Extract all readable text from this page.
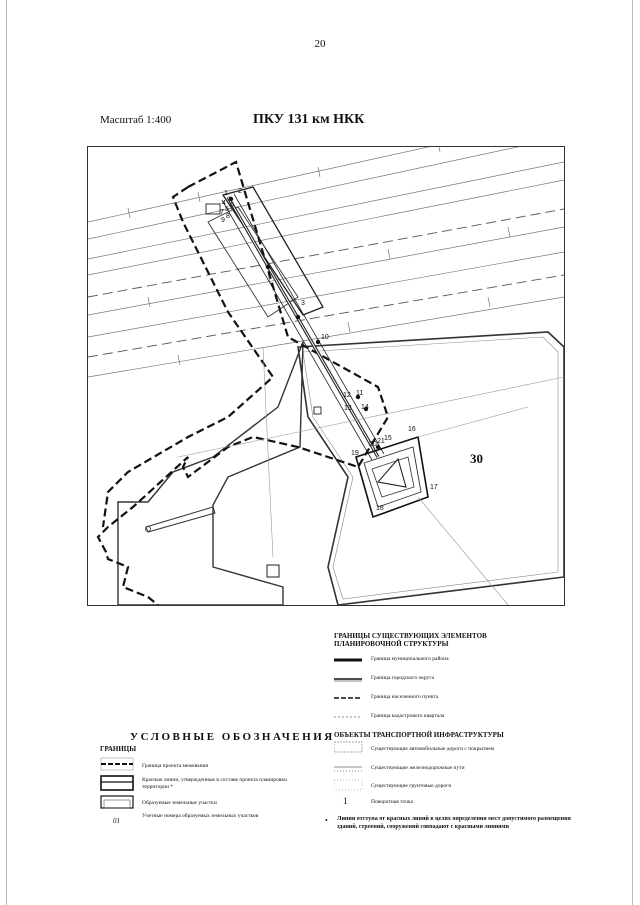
20
Масштаб 1:400	ПКУ 131 км НКК
1 2
3
4
5
6
7
8
9
10
11
12
13 14
15
16
17
18
19
20 21
30
ГРАНИЦЫ СУЩЕСТВУЮЩИХ ЭЛЕМЕНТОВ ПЛАНИРОВОЧНОЙ СТРУКТУРЫ
Граница муниципального района
Граница городского округа
Граница населенного пункта
Граница кадастрового квартала
ОБЪЕКТЫ ТРАНСПОРТНОЙ ИНФРАСТРУКТУРЫ
Существующие автомобильные дороги с покрытием
Существующие железнодорожные пути
Существующие грунтовые дороги
1	Поворотная точка
• Линии отступа от красных линий в целях определения мест допустимого размещения зданий, строений, сооружений совпадают с красными линиями
УСЛОВНЫЕ ОБОЗНАЧЕНИЯ
ГРАНИЦЫ
Граница проекта межевания
Красные линии, утвержденные в составе проекта планировки территории *
Образуемые земельные участки
01
Учетные номера образуемых земельных участков
